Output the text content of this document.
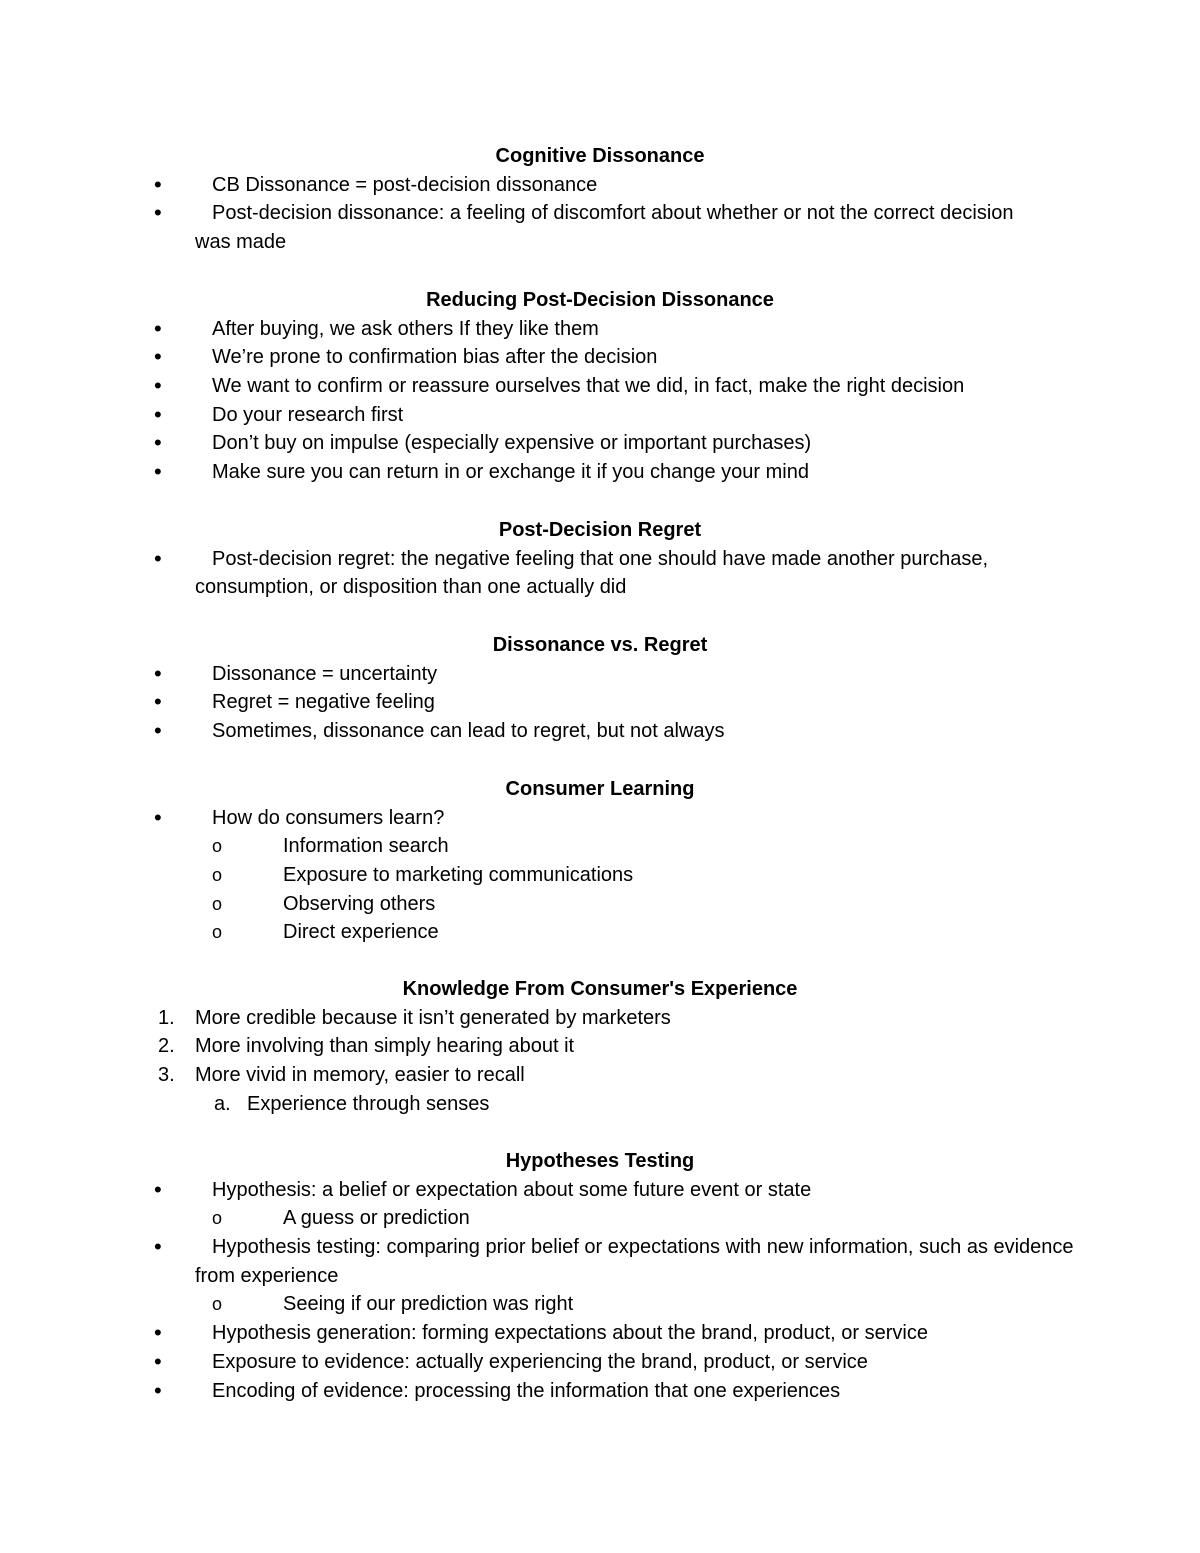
Cognitive Dissonance
•	CB Dissonance = post-decision dissonance
•	Post-decision dissonance: a feeling of discomfort about whether or not the correct decision was made
Reducing Post-Decision Dissonance
•	After buying, we ask others If they like them
•	We’re prone to confirmation bias after the decision
•	We want to confirm or reassure ourselves that we did, in fact, make the right decision
•	Do your research first
•	Don’t buy on impulse (especially expensive or important purchases)
•	Make sure you can return in or exchange it if you change your mind
Post-Decision Regret
•	Post-decision regret: the negative feeling that one should have made another purchase, consumption, or disposition than one actually did
Dissonance vs. Regret
•	Dissonance = uncertainty
•	Regret = negative feeling
•	Sometimes, dissonance can lead to regret, but not always
Consumer Learning
•	How do consumers learn?
o	Information search
o	Exposure to marketing communications
o	Observing others
o	Direct experience
Knowledge From Consumer's Experience
1. More credible because it isn’t generated by marketers
2. More involving than simply hearing about it
3. More vivid in memory, easier to recall
a. Experience through senses
Hypotheses Testing
•	Hypothesis: a belief or expectation about some future event or state
o	A guess or prediction
•	Hypothesis testing: comparing prior belief or expectations with new information, such as evidence from experience
o	Seeing if our prediction was right
•	Hypothesis generation: forming expectations about the brand, product, or service
•	Exposure to evidence: actually experiencing the brand, product, or service
•	Encoding of evidence: processing the information that one experiences
